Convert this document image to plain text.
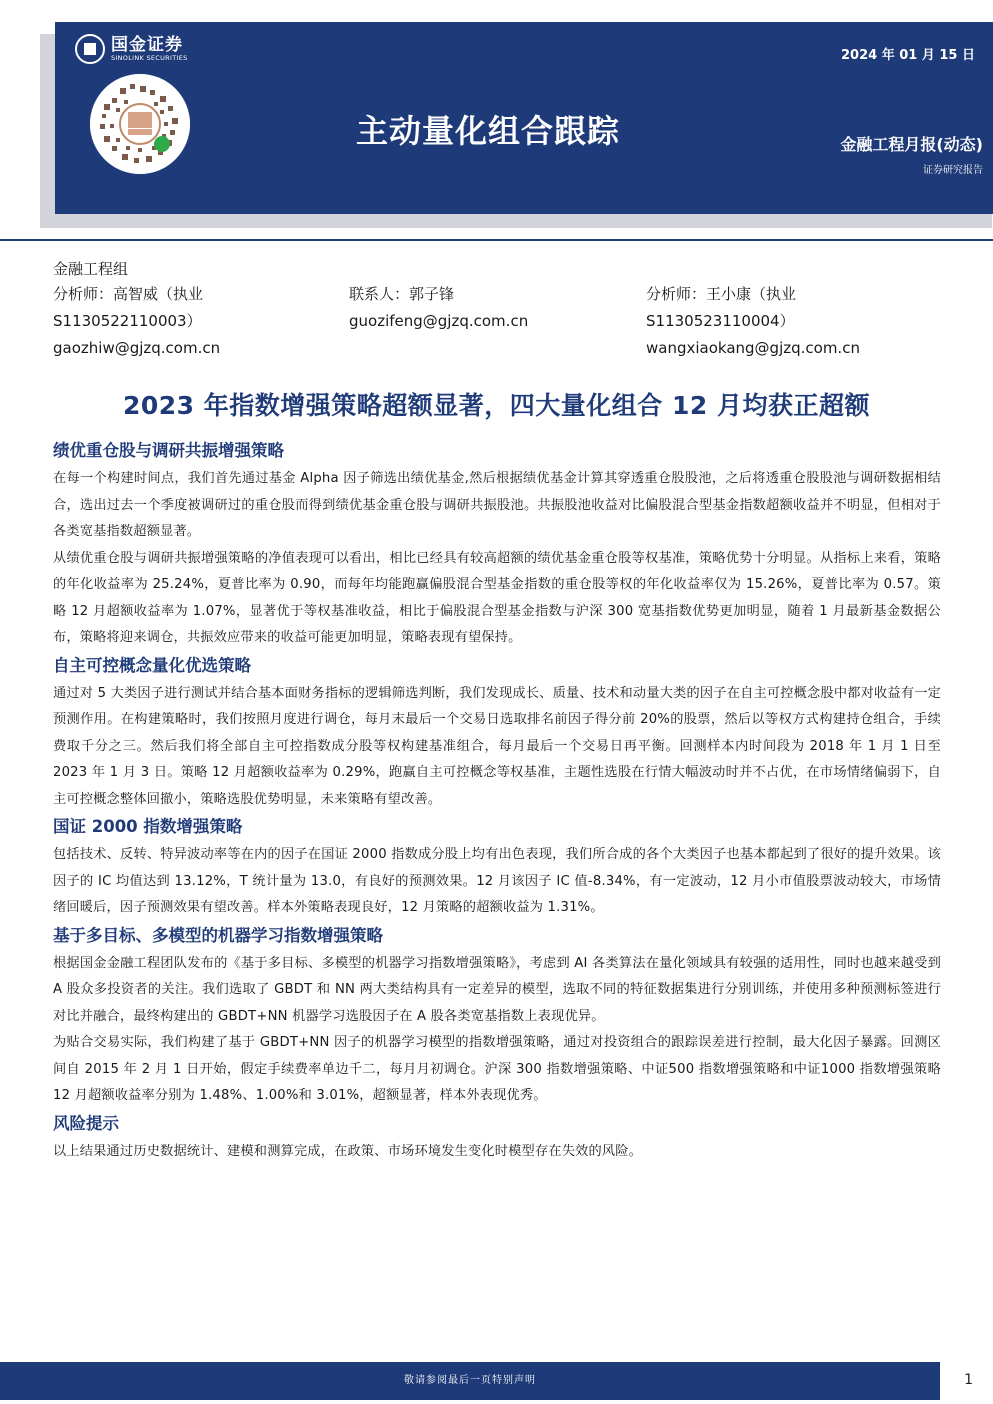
国金证券
SINOLINK SECURITIES	2024 年 01 月 15 日
主动量化组合跟踪	金融工程月报(动态)
证券研究报告
金融工程组
分析师：高智威（执业
S1130522110003）
gaozhiw@gjzq.com.cn
联系人：郭子锋
guozifeng@gjzq.com.cn
分析师：王小康（执业
S1130523110004）
wangxiaokang@gjzq.com.cn
2023 年指数增强策略超额显著，四大量化组合 12 月均获正超额
绩优重仓股与调研共振增强策略

在每一个构建时间点，我们首先通过基金 Alpha 因子筛选出绩优基金,然后根据绩优基金计算其穿透重仓股股池，之后将透重仓股股池与调研数据相结合，选出过去一个季度被调研过的重仓股而得到绩优基金重仓股与调研共振股池。共振股池收益对比偏股混合型基金指数超额收益并不明显，但相对于各类宽基指数超额显著。

从绩优重仓股与调研共振增强策略的净值表现可以看出，相比已经具有较高超额的绩优基金重仓股等权基准，策略优势十分明显。从指标上来看，策略的年化收益率为 25.24%，夏普比率为 0.90，而每年均能跑赢偏股混合型基金指数的重仓股等权的年化收益率仅为 15.26%，夏普比率为 0.57。策略 12 月超额收益率为 1.07%，显著优于等权基准收益，相比于偏股混合型基金指数与沪深 300 宽基指数优势更加明显，随着 1 月最新基金数据公布，策略将迎来调仓，共振效应带来的收益可能更加明显，策略表现有望保持。

自主可控概念量化优选策略

通过对 5 大类因子进行测试并结合基本面财务指标的逻辑筛选判断，我们发现成长、质量、技术和动量大类的因子在自主可控概念股中都对收益有一定预测作用。在构建策略时，我们按照月度进行调仓，每月末最后一个交易日选取排名前因子得分前 20%的股票，然后以等权方式构建持仓组合，手续费取千分之三。然后我们将全部自主可控指数成分股等权构建基准组合，每月最后一个交易日再平衡。回测样本内时间段为 2018 年 1 月 1 日至 2023 年 1 月 3 日。策略 12 月超额收益率为 0.29%，跑赢自主可控概念等权基准，主题性选股在行情大幅波动时并不占优，在市场情绪偏弱下，自主可控概念整体回撤小，策略选股优势明显，未来策略有望改善。

国证 2000 指数增强策略

包括技术、反转、特异波动率等在内的因子在国证 2000 指数成分股上均有出色表现，我们所合成的各个大类因子也基本都起到了很好的提升效果。该因子的 IC 均值达到 13.12%，T 统计量为 13.0，有良好的预测效果。12 月该因子 IC 值-8.34%，有一定波动，12 月小市值股票波动较大，市场情绪回暖后，因子预测效果有望改善。样本外策略表现良好，12 月策略的超额收益为 1.31%。

基于多目标、多模型的机器学习指数增强策略

根据国金金融工程团队发布的《基于多目标、多模型的机器学习指数增强策略》，考虑到 AI 各类算法在量化领域具有较强的适用性，同时也越来越受到 A 股众多投资者的关注。我们选取了 GBDT 和 NN 两大类结构具有一定差异的模型，选取不同的特征数据集进行分别训练，并使用多种预测标签进行对比并融合，最终构建出的 GBDT+NN 机器学习选股因子在 A 股各类宽基指数上表现优异。

为贴合交易实际，我们构建了基于 GBDT+NN 因子的机器学习模型的指数增强策略，通过对投资组合的跟踪误差进行控制，最大化因子暴露。回测区间自 2015 年 2 月 1 日开始，假定手续费率单边千二，每月月初调仓。沪深 300 指数增强策略、中证500 指数增强策略和中证1000 指数增强策略 12 月超额收益率分别为 1.48%、1.00%和 3.01%，超额显著，样本外表现优秀。

风险提示

以上结果通过历史数据统计、建模和测算完成，在政策、市场环境发生变化时模型存在失效的风险。

敬请参阅最后一页特别声明	1
